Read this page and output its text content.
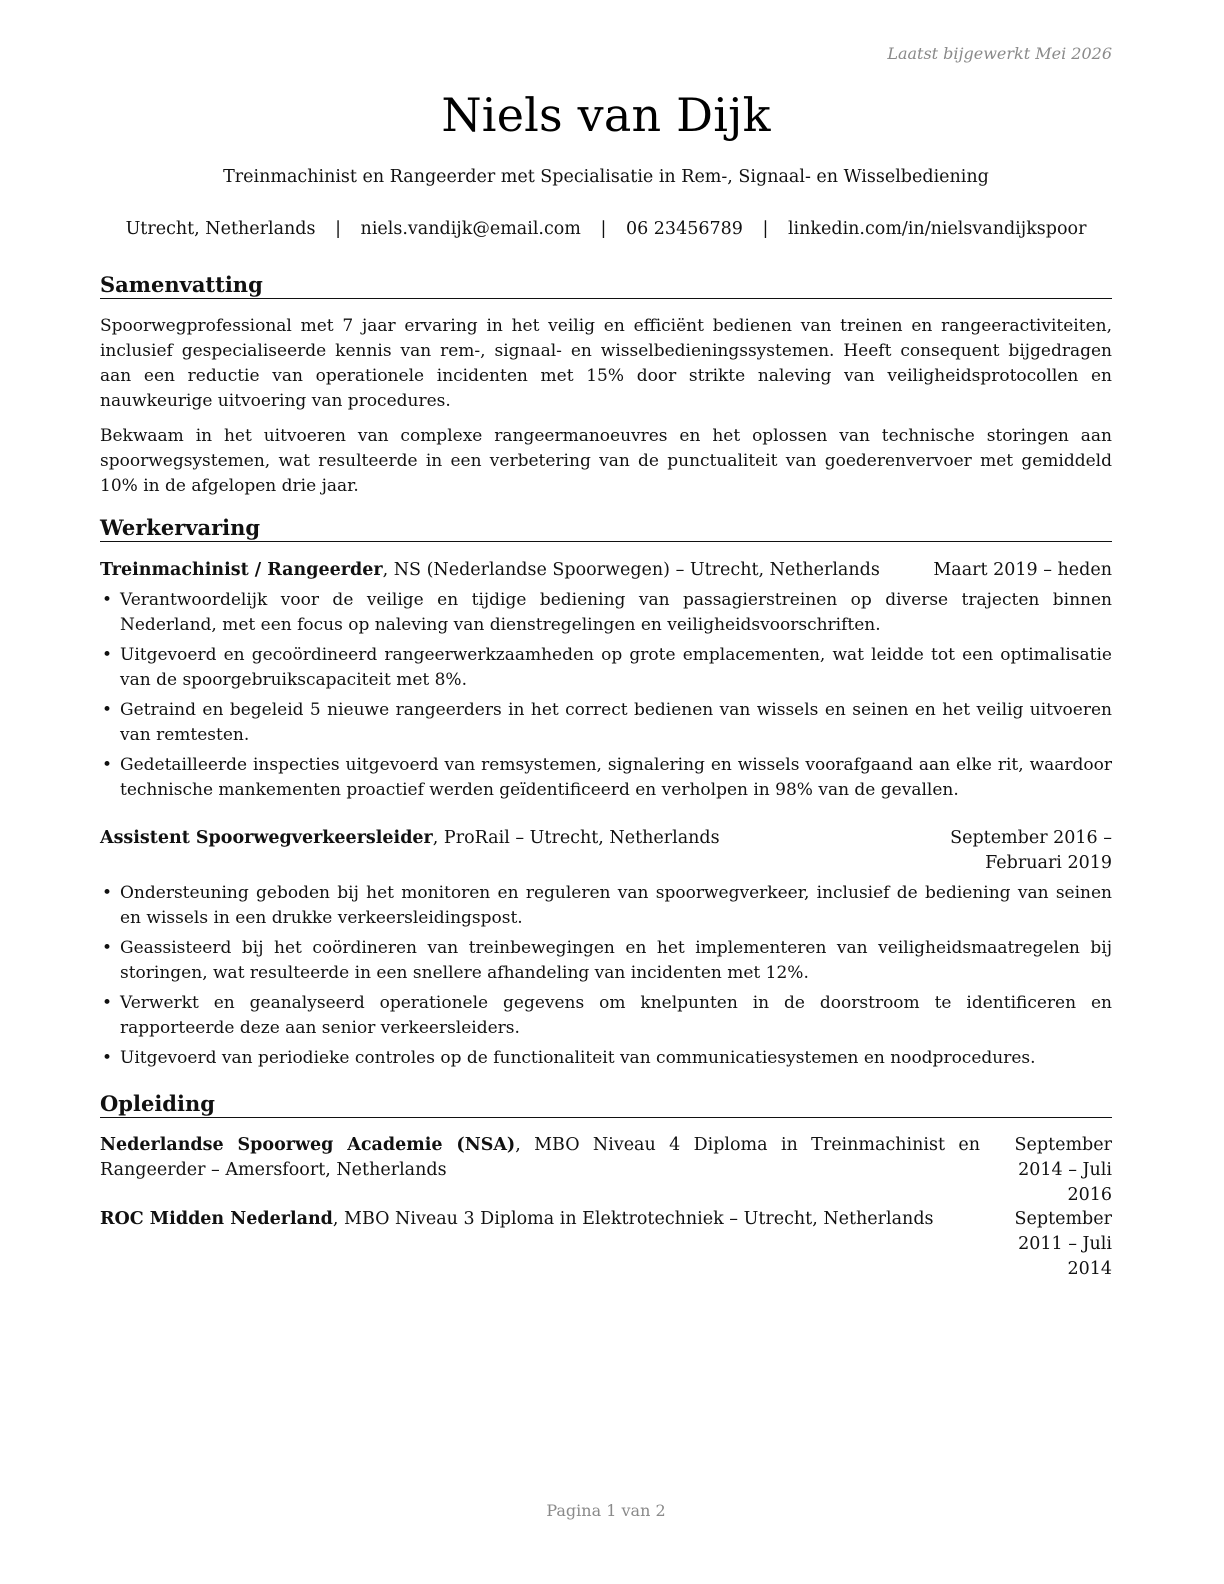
Laatst bijgewerkt Mei 2026
Niels van Dijk
Treinmachinist en Rangeerder met Specialisatie in Rem-, Signaal- en Wisselbediening
Utrecht, Netherlands | niels.vandijk@email.com | 06 23456789 | linkedin.com/in/nielsvandijkspoor
Samenvatting

Spoorwegprofessional met 7 jaar ervaring in het veilig en efficiënt bedienen van treinen en rangeeractiviteiten, inclusief gespecialiseerde kennis van rem-, signaal- en wisselbedieningssystemen. Heeft consequent bijgedragen aan een reductie van operationele incidenten met 15% door strikte naleving van veiligheidsprotocollen en nauwkeurige uitvoering van procedures.

Bekwaam in het uitvoeren van complexe rangeermanoeuvres en het oplossen van technische storingen aan spoorwegsystemen, wat resulteerde in een verbetering van de punctualiteit van goederenvervoer met gemiddeld 10% in de afgelopen drie jaar.

Werkervaring
Treinmachinist / Rangeerder, NS (Nederlandse Spoorwegen) – Utrecht, Netherlands	Maart 2019 – heden
• Verantwoordelijk voor de veilige en tijdige bediening van passagierstreinen op diverse trajecten binnen Nederland, met een focus op naleving van dienstregelingen en veiligheidsvoorschriften.
• Uitgevoerd en gecoördineerd rangeerwerkzaamheden op grote emplacementen, wat leidde tot een optimalisatie van de spoorgebruikscapaciteit met 8%.
• Getraind en begeleid 5 nieuwe rangeerders in het correct bedienen van wissels en seinen en het veilig uitvoeren van remtesten.
• Gedetailleerde inspecties uitgevoerd van remsystemen, signalering en wissels voorafgaand aan elke rit, waardoor technische mankementen proactief werden geïdentificeerd en verholpen in 98% van de gevallen.
Assistent Spoorwegverkeersleider, ProRail – Utrecht, Netherlands	September 2016 – Februari 2019
• Ondersteuning geboden bij het monitoren en reguleren van spoorwegverkeer, inclusief de bediening van seinen en wissels in een drukke verkeersleidingspost.
• Geassisteerd bij het coördineren van treinbewegingen en het implementeren van veiligheidsmaatregelen bij storingen, wat resulteerde in een snellere afhandeling van incidenten met 12%.
• Verwerkt en geanalyseerd operationele gegevens om knelpunten in de doorstroom te identificeren en rapporteerde deze aan senior verkeersleiders.
• Uitgevoerd van periodieke controles op de functionaliteit van communicatiesystemen en noodprocedures.
Opleiding
Nederlandse Spoorweg Academie (NSA), MBO Niveau 4 Diploma in Treinmachinist en Rangeerder – Amersfoort, Netherlands
September 2014 – Juli 2016
ROC Midden Nederland, MBO Niveau 3 Diploma in Elektrotechniek – Utrecht, Netherlands	September 2011 – Juli 2014
Pagina 1 van 2
